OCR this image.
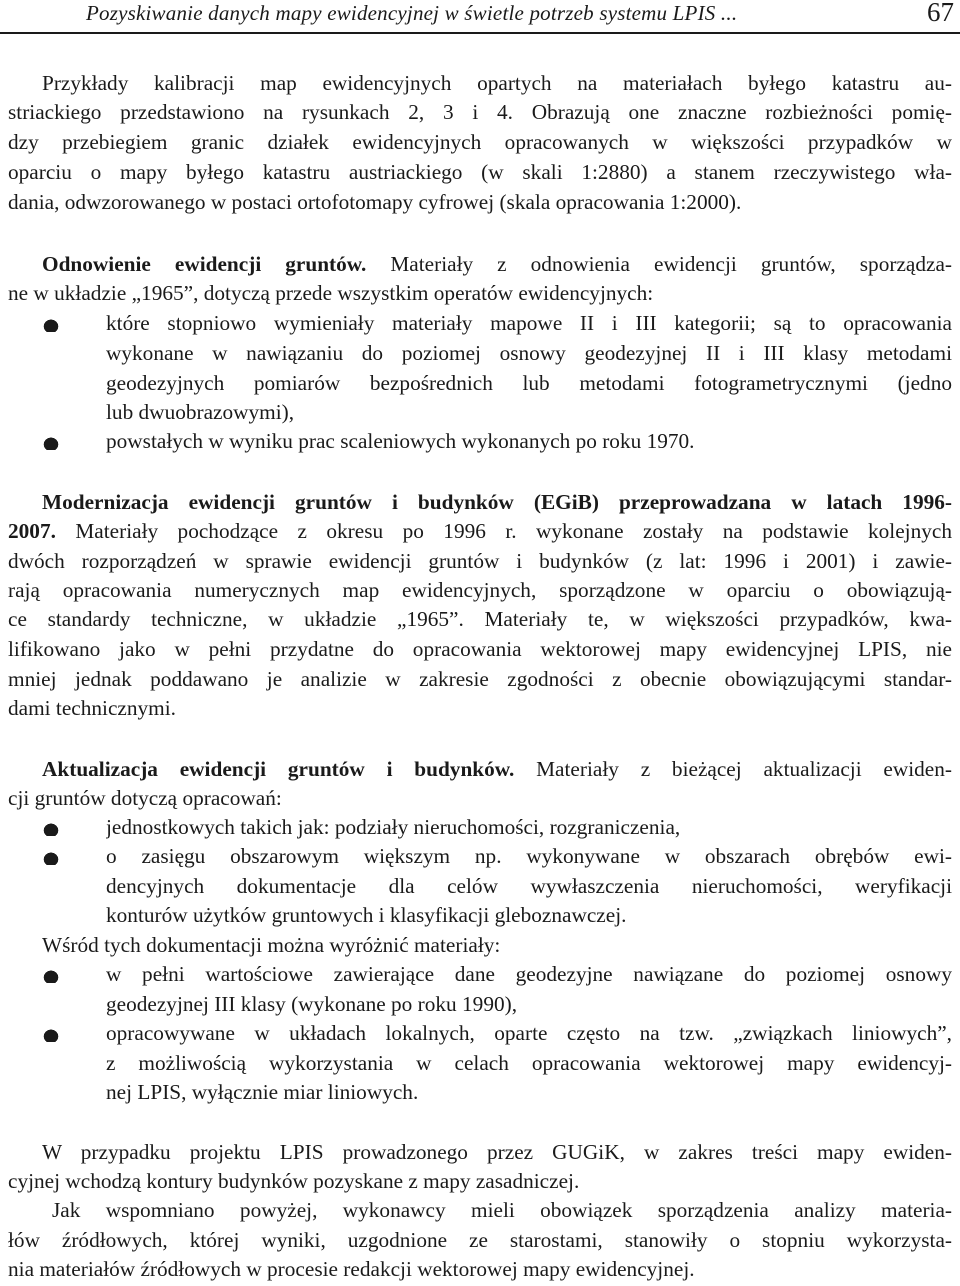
Pozyskiwanie danych mapy ewidencyjnej w świetle potrzeb systemu LPIS ...	67
Przykłady kalibracji map ewidencyjnych opartych na materiałach byłego katastru au-
striackiego przedstawiono na rysunkach 2, 3 i 4. Obrazują one znaczne rozbieżności pomię-
dzy przebiegiem granic działek ewidencyjnych opracowanych w większości przypadków w
oparciu o mapy byłego katastru austriackiego (w skali 1:2880) a stanem rzeczywistego wła-
dania, odwzorowanego w postaci ortofotomapy cyfrowej (skala opracowania 1:2000).
Odnowienie ewidencji gruntów. Materiały z odnowienia ewidencji gruntów, sporządza-
ne w układzie „1965”, dotyczą przede wszystkim operatów ewidencyjnych:
które stopniowo wymieniały materiały mapowe II i III kategorii; są to opracowania
wykonane w nawiązaniu do poziomej osnowy geodezyjnej II i III klasy metodami
geodezyjnych pomiarów bezpośrednich lub metodami fotogrametrycznymi (jedno
lub dwuobrazowymi),
powstałych w wyniku prac scaleniowych wykonanych po roku 1970.
Modernizacja ewidencji gruntów i budynków (EGiB) przeprowadzana w latach 1996-
2007. Materiały pochodzące z okresu po 1996 r. wykonane zostały na podstawie kolejnych
dwóch rozporządzeń w sprawie ewidencji gruntów i budynków (z lat: 1996 i 2001) i zawie-
rają opracowania numerycznych map ewidencyjnych, sporządzone w oparciu o obowiązują-
ce standardy techniczne, w układzie „1965”. Materiały te, w większości przypadków, kwa-
lifikowano jako w pełni przydatne do opracowania wektorowej mapy ewidencyjnej LPIS, nie
mniej jednak poddawano je analizie w zakresie zgodności z obecnie obowiązującymi standar-
dami technicznymi.
Aktualizacja ewidencji gruntów i budynków. Materiały z bieżącej aktualizacji ewiden-
cji gruntów dotyczą opracowań:
jednostkowych takich jak: podziały nieruchomości, rozgraniczenia,
o zasięgu obszarowym większym np. wykonywane w obszarach obrębów ewi-
dencyjnych dokumentacje dla celów wywłaszczenia nieruchomości, weryfikacji
konturów użytków gruntowych i klasyfikacji gleboznawczej.
Wśród tych dokumentacji można wyróżnić materiały:
w pełni wartościowe zawierające dane geodezyjne nawiązane do poziomej osnowy
geodezyjnej III klasy (wykonane po roku 1990),
opracowywane w układach lokalnych, oparte często na tzw. „związkach liniowych”,
z możliwością wykorzystania w celach opracowania wektorowej mapy ewidencyj-
nej LPIS, wyłącznie miar liniowych.
W przypadku projektu LPIS prowadzonego przez GUGiK, w zakres treści mapy ewiden-
cyjnej wchodzą kontury budynków pozyskane z mapy zasadniczej.
Jak wspomniano powyżej, wykonawcy mieli obowiązek sporządzenia analizy materia-
łów źródłowych, której wyniki, uzgodnione ze starostami, stanowiły o stopniu wykorzysta-
nia materiałów źródłowych w procesie redakcji wektorowej mapy ewidencyjnej.
